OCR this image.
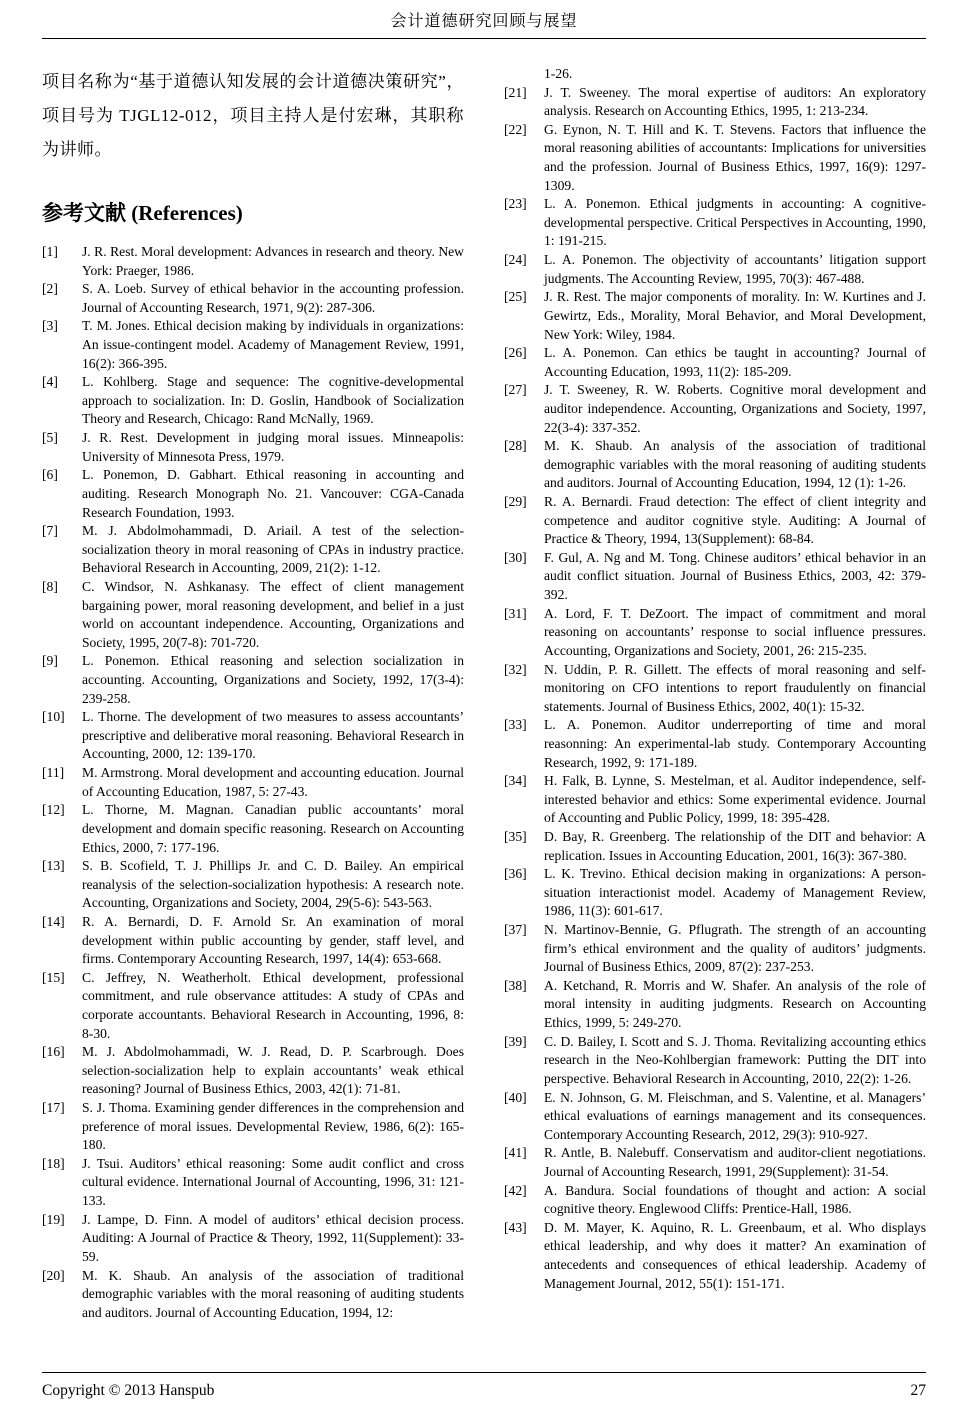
会计道德研究回顾与展望

项目名称为“基于道德认知发展的会计道德决策研究”，项目号为 TJGL12-012，项目主持人是付宏琳，其职称为讲师。

参考文献 (References)
[1] J. R. Rest. Moral development: Advances in research and theory. New York: Praeger, 1986.
[2] S. A. Loeb. Survey of ethical behavior in the accounting profession. Journal of Accounting Research, 1971, 9(2): 287-306.
[3] T. M. Jones. Ethical decision making by individuals in organizations: An issue-contingent model. Academy of Management Review, 1991, 16(2): 366-395.
[4] L. Kohlberg. Stage and sequence: The cognitive-developmental approach to socialization. In: D. Goslin, Handbook of Socialization Theory and Research, Chicago: Rand McNally, 1969.
[5] J. R. Rest. Development in judging moral issues. Minneapolis: University of Minnesota Press, 1979.
[6] L. Ponemon, D. Gabhart. Ethical reasoning in accounting and auditing. Research Monograph No. 21. Vancouver: CGA-Canada Research Foundation, 1993.
[7] M. J. Abdolmohammadi, D. Ariail. A test of the selection-socialization theory in moral reasoning of CPAs in industry practice. Behavioral Research in Accounting, 2009, 21(2): 1-12.
[8] C. Windsor, N. Ashkanasy. The effect of client management bargaining power, moral reasoning development, and belief in a just world on accountant independence. Accounting, Organizations and Society, 1995, 20(7-8): 701-720.
[9] L. Ponemon. Ethical reasoning and selection socialization in accounting. Accounting, Organizations and Society, 1992, 17(3-4): 239-258.
[10] L. Thorne. The development of two measures to assess accountants’ prescriptive and deliberative moral reasoning. Behavioral Research in Accounting, 2000, 12: 139-170.
[11] M. Armstrong. Moral development and accounting education. Journal of Accounting Education, 1987, 5: 27-43.
[12] L. Thorne, M. Magnan. Canadian public accountants’ moral development and domain specific reasoning. Research on Accounting Ethics, 2000, 7: 177-196.
[13] S. B. Scofield, T. J. Phillips Jr. and C. D. Bailey. An empirical reanalysis of the selection-socialization hypothesis: A research note. Accounting, Organizations and Society, 2004, 29(5-6): 543-563.
[14] R. A. Bernardi, D. F. Arnold Sr. An examination of moral development within public accounting by gender, staff level, and firms. Contemporary Accounting Research, 1997, 14(4): 653-668.
[15] C. Jeffrey, N. Weatherholt. Ethical development, professional commitment, and rule observance attitudes: A study of CPAs and corporate accountants. Behavioral Research in Accounting, 1996, 8: 8-30.
[16] M. J. Abdolmohammadi, W. J. Read, D. P. Scarbrough. Does selection-socialization help to explain accountants’ weak ethical reasoning? Journal of Business Ethics, 2003, 42(1): 71-81.
[17] S. J. Thoma. Examining gender differences in the comprehension and preference of moral issues. Developmental Review, 1986, 6(2): 165-180.
[18] J. Tsui. Auditors’ ethical reasoning: Some audit conflict and cross cultural evidence. International Journal of Accounting, 1996, 31: 121-133.
[19] J. Lampe, D. Finn. A model of auditors’ ethical decision process. Auditing: A Journal of Practice & Theory, 1992, 11(Supplement): 33-59.
[20] M. K. Shaub. An analysis of the association of traditional demographic variables with the moral reasoning of auditing students and auditors. Journal of Accounting Education, 1994, 12:
1-26.
[21] J. T. Sweeney. The moral expertise of auditors: An exploratory analysis. Research on Accounting Ethics, 1995, 1: 213-234.
[22] G. Eynon, N. T. Hill and K. T. Stevens. Factors that influence the moral reasoning abilities of accountants: Implications for universities and the profession. Journal of Business Ethics, 1997, 16(9): 1297-1309.
[23] L. A. Ponemon. Ethical judgments in accounting: A cognitive-developmental perspective. Critical Perspectives in Accounting, 1990, 1: 191-215.
[24] L. A. Ponemon. The objectivity of accountants’ litigation support judgments. The Accounting Review, 1995, 70(3): 467-488.
[25] J. R. Rest. The major components of morality. In: W. Kurtines and J. Gewirtz, Eds., Morality, Moral Behavior, and Moral Development, New York: Wiley, 1984.
[26] L. A. Ponemon. Can ethics be taught in accounting? Journal of Accounting Education, 1993, 11(2): 185-209.
[27] J. T. Sweeney, R. W. Roberts. Cognitive moral development and auditor independence. Accounting, Organizations and Society, 1997, 22(3-4): 337-352.
[28] M. K. Shaub. An analysis of the association of traditional demographic variables with the moral reasoning of auditing students and auditors. Journal of Accounting Education, 1994, 12 (1): 1-26.
[29] R. A. Bernardi. Fraud detection: The effect of client integrity and competence and auditor cognitive style. Auditing: A Journal of Practice & Theory, 1994, 13(Supplement): 68-84.
[30] F. Gul, A. Ng and M. Tong. Chinese auditors’ ethical behavior in an audit conflict situation. Journal of Business Ethics, 2003, 42: 379-392.
[31] A. Lord, F. T. DeZoort. The impact of commitment and moral reasoning on accountants’ response to social influence pressures. Accounting, Organizations and Society, 2001, 26: 215-235.
[32] N. Uddin, P. R. Gillett. The effects of moral reasoning and self-monitoring on CFO intentions to report fraudulently on financial statements. Journal of Business Ethics, 2002, 40(1): 15-32.
[33] L. A. Ponemon. Auditor underreporting of time and moral reasonning: An experimental-lab study. Contemporary Accounting Research, 1992, 9: 171-189.
[34] H. Falk, B. Lynne, S. Mestelman, et al. Auditor independence, self-interested behavior and ethics: Some experimental evidence. Journal of Accounting and Public Policy, 1999, 18: 395-428.
[35] D. Bay, R. Greenberg. The relationship of the DIT and behavior: A replication. Issues in Accounting Education, 2001, 16(3): 367-380.
[36] L. K. Trevino. Ethical decision making in organizations: A person-situation interactionist model. Academy of Management Review, 1986, 11(3): 601-617.
[37] N. Martinov-Bennie, G. Pflugrath. The strength of an accounting firm’s ethical environment and the quality of auditors’ judgments. Journal of Business Ethics, 2009, 87(2): 237-253.
[38] A. Ketchand, R. Morris and W. Shafer. An analysis of the role of moral intensity in auditing judgments. Research on Accounting Ethics, 1999, 5: 249-270.
[39] C. D. Bailey, I. Scott and S. J. Thoma. Revitalizing accounting ethics research in the Neo-Kohlbergian framework: Putting the DIT into perspective. Behavioral Research in Accounting, 2010, 22(2): 1-26.
[40] E. N. Johnson, G. M. Fleischman, and S. Valentine, et al. Managers’ ethical evaluations of earnings management and its consequences. Contemporary Accounting Research, 2012, 29(3): 910-927.
[41] R. Antle, B. Nalebuff. Conservatism and auditor-client negotiations. Journal of Accounting Research, 1991, 29(Supplement): 31-54.
[42] A. Bandura. Social foundations of thought and action: A social cognitive theory. Englewood Cliffs: Prentice-Hall, 1986.
[43] D. M. Mayer, K. Aquino, R. L. Greenbaum, et al. Who displays ethical leadership, and why does it matter? An examination of antecedents and consequences of ethical leadership. Academy of Management Journal, 2012, 55(1): 151-171.
Copyright © 2013 Hanspub	27
